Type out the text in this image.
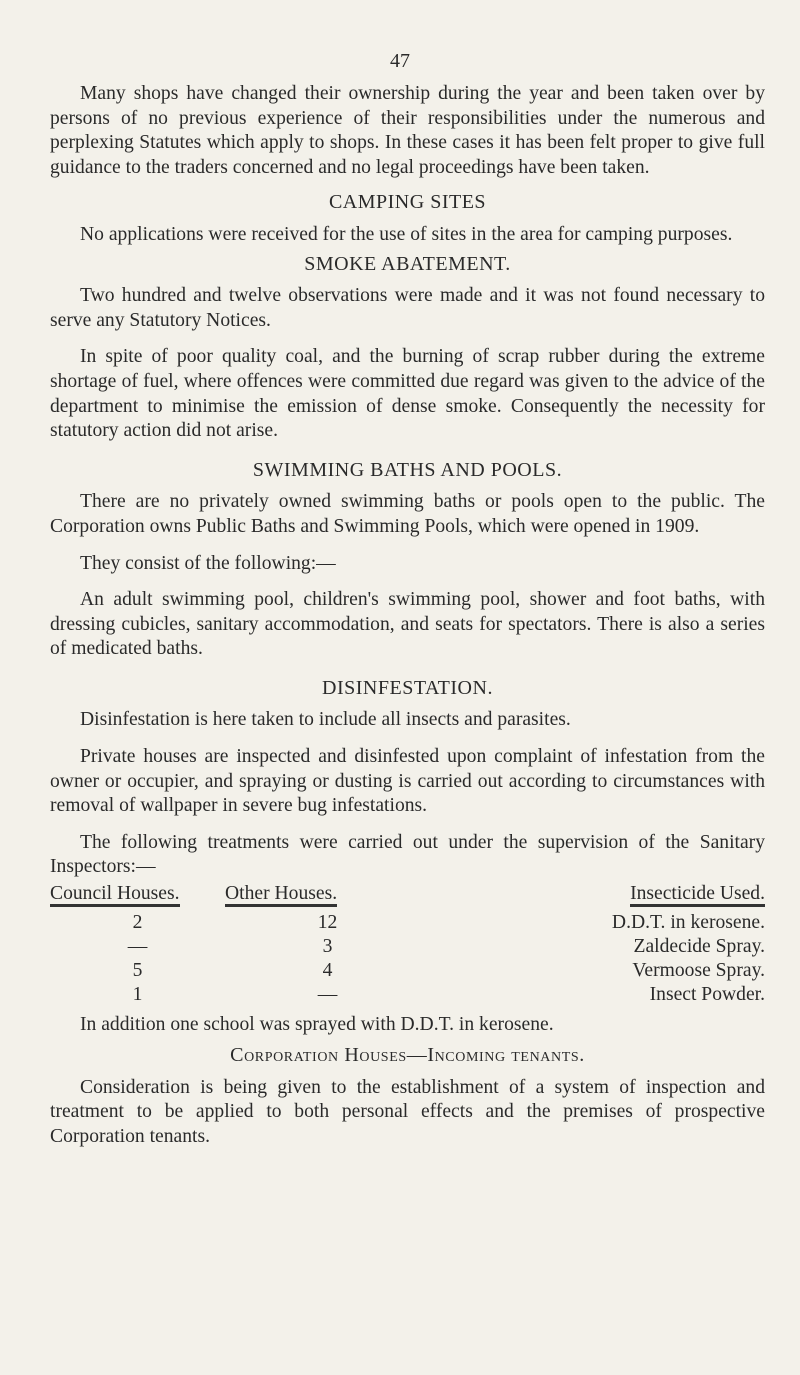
47

Many shops have changed their ownership during the year and been taken over by persons of no previous experience of their responsibilities under the numerous and perplexing Statutes which apply to shops. In these cases it has been felt proper to give full guidance to the traders concerned and no legal proceedings have been taken.

CAMPING SITES

No applications were received for the use of sites in the area for camping purposes.

SMOKE ABATEMENT.

Two hundred and twelve observations were made and it was not found necessary to serve any Statutory Notices.

In spite of poor quality coal, and the burning of scrap rubber during the extreme shortage of fuel, where offences were committed due regard was given to the advice of the department to minimise the emission of dense smoke. Consequently the necessity for statutory action did not arise.

SWIMMING BATHS AND POOLS.

There are no privately owned swimming baths or pools open to the public. The Corporation owns Public Baths and Swimming Pools, which were opened in 1909.

They consist of the following:—

An adult swimming pool, children's swimming pool, shower and foot baths, with dressing cubicles, sanitary accommodation, and seats for spectators. There is also a series of medicated baths.

DISINFESTATION.

Disinfestation is here taken to include all insects and parasites.

Private houses are inspected and disinfested upon complaint of infestation from the owner or occupier, and spraying or dusting is carried out according to circumstances with removal of wallpaper in severe bug infestations.

The following treatments were carried out under the supervision of the Sanitary Inspectors:—

Council Houses.	Other Houses.	Insecticide Used.
2	12	D.D.T. in kerosene.
—	3	Zaldecide Spray.
5	4	Vermoose Spray.
1	—	Insect Powder.

In addition one school was sprayed with D.D.T. in kerosene.

Corporation Houses—Incoming tenants.

Consideration is being given to the establishment of a system of inspection and treatment to be applied to both personal effects and the premises of prospective Corporation tenants.
